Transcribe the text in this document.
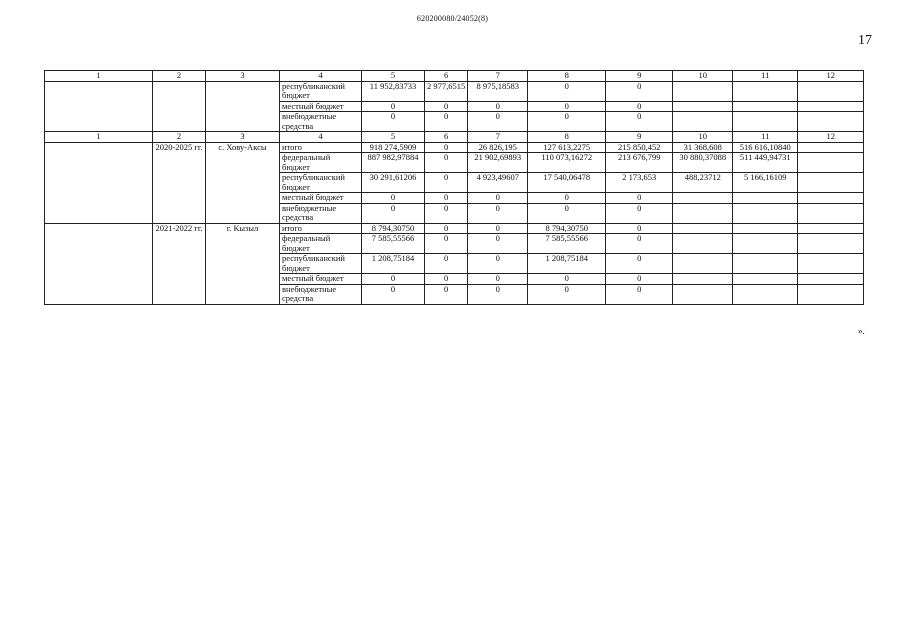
620200080/24052(8)
17
1	2	3	4	5	6	7	8	9	10	11	12
			республиканский бюджет	11 952,83733	2 977,6515	8 975,18583	0	0			
			местный бюджет	0	0	0	0	0			
			внебюджетные средства	0	0	0	0	0			
1	2	3	4	5	6	7	8	9	10	11	12
	2020-2025 гг.	с. Хову-Аксы	итого	918 274,5909	0	26 826,195	127 613,2275	215 850,452	31 368,608	516 616,10840	
			федеральный бюджет	887 982,97884	0	21 902,69893	110 073,16272	213 676,799	30 880,37088	511 449,94731	
			республиканский бюджет	30 291,61206	0	4 923,49607	17 540,06478	2 173,653	488,23712	5 166,16109	
			местный бюджет	0	0	0	0	0			
			внебюджетные средства	0	0	0	0	0			
	2021-2022 гг.	г. Кызыл	итого	8 794,30750	0	0	8 794,30750	0			
			федеральный бюджет	7 585,55566	0	0	7 585,55566	0			
			республиканский бюджет	1 208,75184	0	0	1 208,75184	0			
			местный бюджет	0	0	0	0	0			
			внебюджетные средства	0	0	0	0	0			
».
